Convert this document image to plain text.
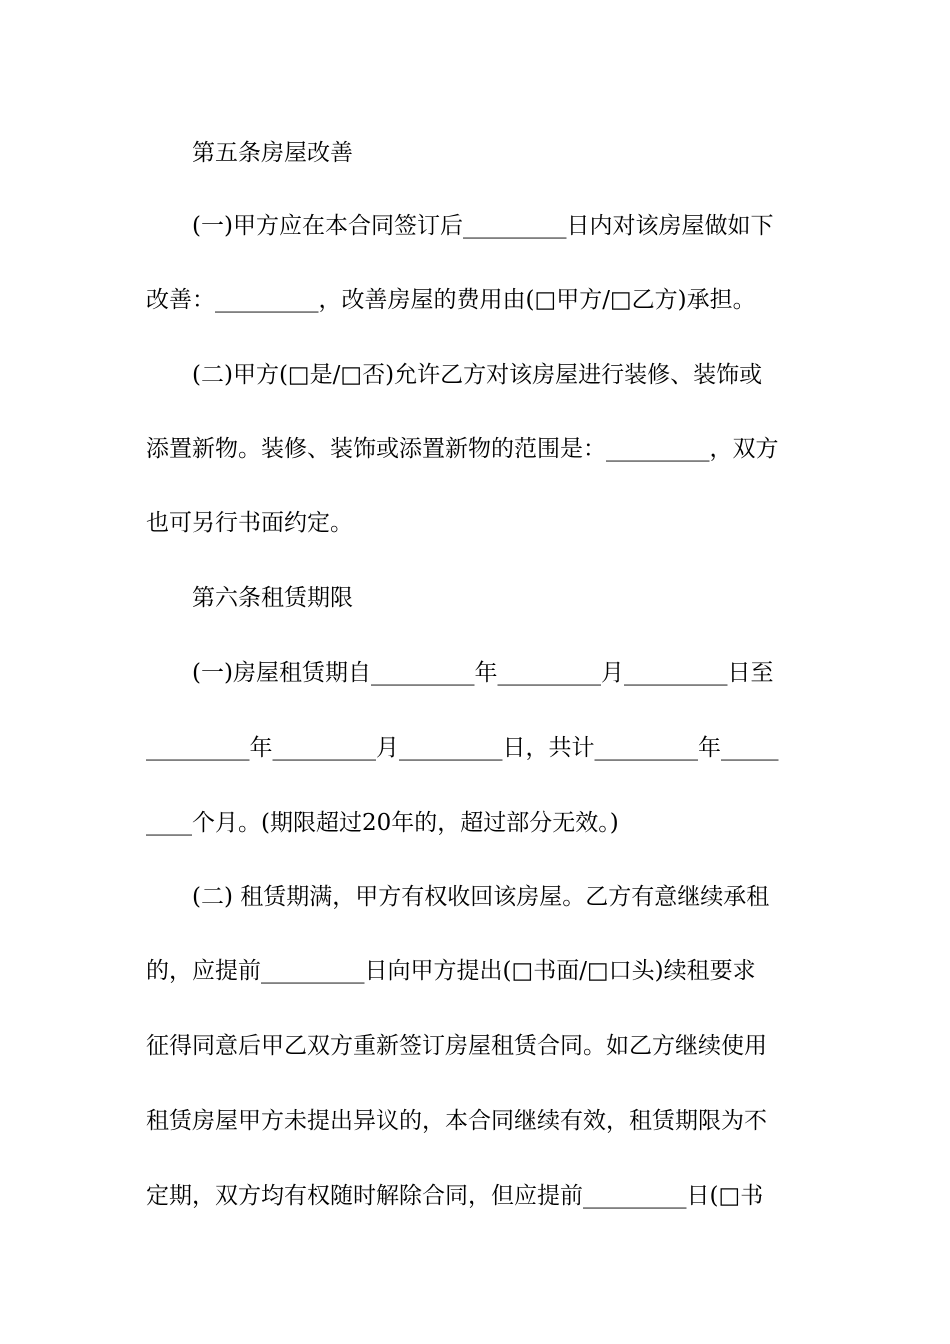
第五条房屋改善
(一)甲方应在本合同签订后_________日内对该房屋做如下
改善：_________，改善房屋的费用由(□甲方/□乙方)承担。
(二)甲方(□是/□否)允许乙方对该房屋进行装修、装饰或
添置新物。装修、装饰或添置新物的范围是：_________，双方
也可另行书面约定。
第六条租赁期限
(一)房屋租赁期自_________年_________月_________日至
_________年_________月_________日，共计_________年_____
____个月。(期限超过20年的，超过部分无效。)
(二) 租赁期满，甲方有权收回该房屋。乙方有意继续承租
的，应提前_________日向甲方提出(□书面/□口头)续租要求
征得同意后甲乙双方重新签订房屋租赁合同。如乙方继续使用
租赁房屋甲方未提出异议的，本合同继续有效，租赁期限为不
定期，双方均有权随时解除合同，但应提前_________日(□书
